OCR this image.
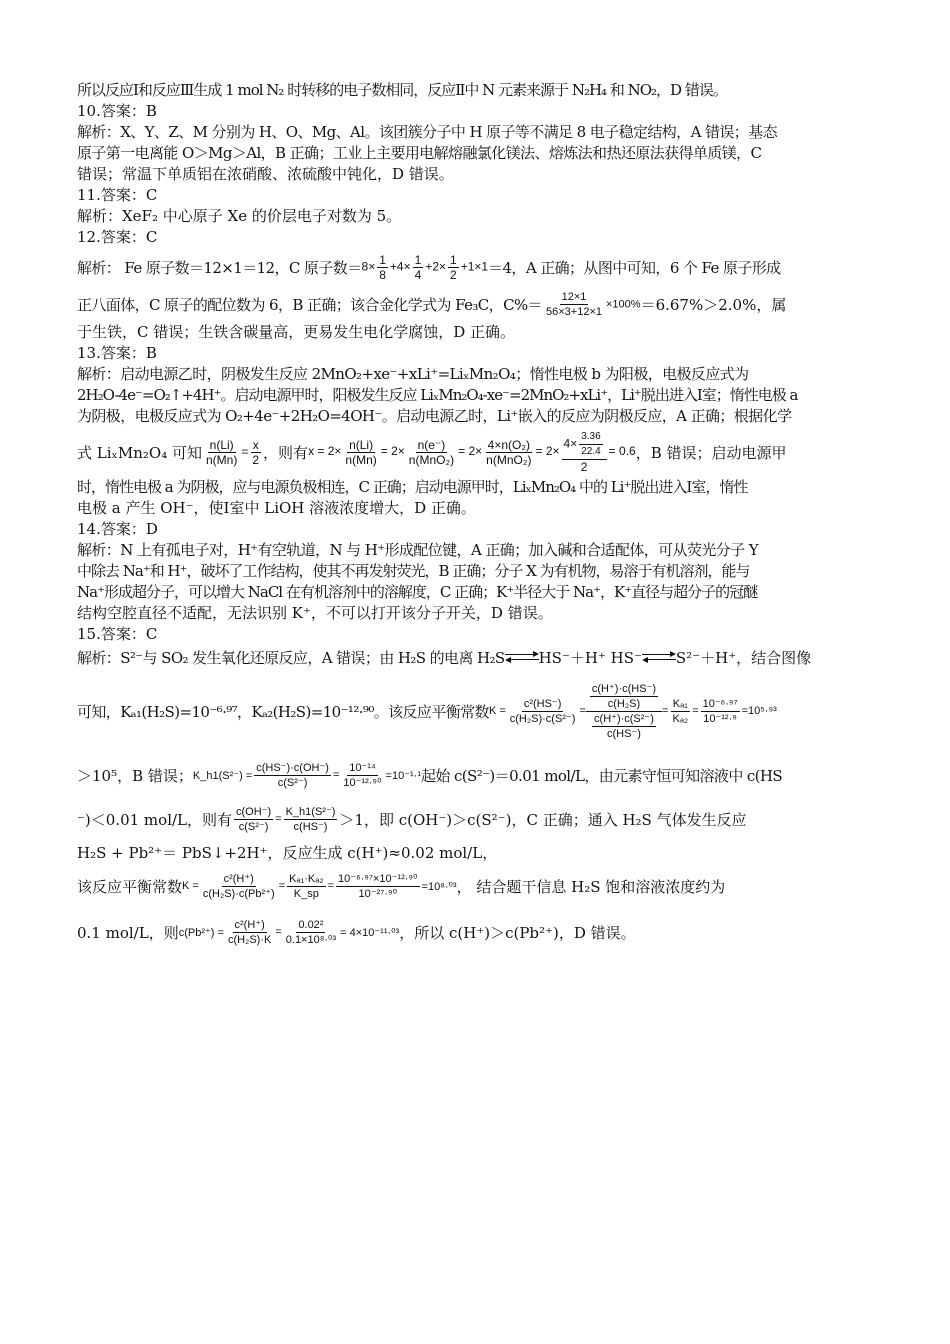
所以反应Ⅰ和反应Ⅲ生成 1 mol N₂ 时转移的电子数相同，反应Ⅱ中 N 元素来源于 N₂H₄ 和 NO₂，D 错误。
10.答案：B
解析：X、Y、Z、M 分别为 H、O、Mg、Al。该团簇分子中 H 原子等不满足 8 电子稳定结构，A 错误；基态
原子第一电离能 O＞Mg＞Al，B 正确；工业上主要用电解熔融氯化镁法、熔炼法和热还原法获得单质镁，C
错误；常温下单质铝在浓硝酸、浓硫酸中钝化，D 错误。
11.答案：C
解析：XeF₂ 中心原子 Xe 的价层电子对数为 5。
12.答案：C
解析： Fe 原子数＝12×1＝12，C 原子数＝ $8\times \frac{1}{8} +4\times \frac{1}{4} +2\times \frac{1}{2} +1\times 1 =4$，A 正确；从图中可知，6 个 Fe 原子形成
正八面体，C 原子的配位数为 6，B 正确；该合金化学式为 Fe₃C，$C\%= \frac{12\times 1}{56\times 3+12\times 1} \times 100\% =6.67\%>2.0\%$，属
于生铁，C 错误；生铁含碳量高，更易发生电化学腐蚀，D 正确。
13.答案：B
解析：启动电源乙时，阴极发生反应 2MnO₂+xe⁻+xLi⁺=LiₓMn₂O₄；惰性电极 b 为阳极，电极反应式为
2H₂O-4e⁻=O₂↑+4H⁺。启动电源甲时，阳极发生反应 LiₓMn₂O₄-xe⁻=2MnO₂+xLi⁺，Li⁺脱出进入Ⅰ室；惰性电极 a
为阴极，电极反应式为 O₂+4e⁻+2H₂O=4OH⁻。启动电源乙时，Li⁺嵌入的反应为阴极反应，A 正确；根据化学
式 LiₓMn₂O₄ 可知 $\frac{n(Li)}{n(Mn)} = \frac{x}{2}$ ，则有 $x = 2\times \frac{n(Li)}{n(Mn)} = 2\times \frac{n(e^-)}{\text{n(MnO₂)}} = 2\times \frac{\text{4×n(O₂)}}{\text{n(MnO₂)}} = 2\times \frac{4\times \frac{3.36}{22.4}}{2} = 0.6$ ，B 错误；启动电源甲
时，惰性电极 a 为阴极，应与电源负极相连，C 正确；启动电源甲时，LiₓMn₂O₄ 中的 Li⁺脱出进入Ⅰ室，惰性
电极 a 产生 OH⁻，使Ⅰ室中 LiOH 溶液浓度增大，D 正确。
14.答案：D
解析：N 上有孤电子对，H⁺有空轨道，N 与 H⁺形成配位键，A 正确；加入碱和合适配体，可从荧光分子 Y
中除去 Na⁺和 H⁺，破坏了工作结构，使其不再发射荧光，B 正确；分子 X 为有机物，易溶于有机溶剂，能与
Na⁺形成超分子，可以增大 NaCl 在有机溶剂中的溶解度，C 正确；K⁺半径大于 Na⁺，K⁺直径与超分子的冠醚
结构空腔直径不适配，无法识别 K⁺，不可以打开该分子开关，D 错误。
15.答案：C
解析：S²⁻与 SO₂ 发生氧化还原反应，A 错误；由 H₂S 的电离 H₂S HS⁻＋H⁺ HS⁻ S²⁻＋H⁺，结合图像
可知，Kₐ₁(H₂S)=10⁻⁶·⁹⁷，Kₐ₂(H₂S)=10⁻¹²·⁹⁰。该反应平衡常数 $K = \frac{\text{c²(HS⁻)}}{\text{c(H₂S)·c(S²⁻)}} = \frac{\frac{c(H^+)\cdot c(HS^-)}{\text{c(H₂S)}}}{\frac{\text{c(H⁺)·c(S²⁻)}}{c(HS^-)}} = \frac{\text{Kₐ₁}}{\text{Kₐ₂}} = \frac{\text{10⁻⁶·⁹⁷}}{\text{10⁻¹²·⁹}} =10^5\cdot^{93}$
＞10⁵，B 错误； K_h1(S²⁻) = $\frac{c(HS^-)\cdot c(OH^-)}{\text{c(S²⁻)}} = \frac{\text{10⁻¹⁴}}{\text{10⁻¹²·⁹⁰}} =10^{-1}\cdot^1$ 起始 c(S²⁻)＝0.01 mol/L，由元素守恒可知溶液中 c(HS
⁻)＜0.01 mol/L，则有 $\frac{c(OH^-)}{\text{c(S²⁻)}} = \frac{\text{K\_h1(S²⁻)}}{c(HS^-)} >1$，即 c(OH⁻)＞c(S²⁻)，C 正确；通入 H₂S 气体发生反应
H₂S + Pb²⁺＝ PbS↓+2H⁺，反应生成 c(H⁺)≈0.02 mol/L，
该反应平衡常数 $K = \frac{\text{c²(H⁺)}}{\text{c(H₂S)·c(Pb²⁺)}} = \frac{\text{Kₐ₁·Kₐ₂}}{K\_sp} = \frac{\text{10⁻⁶·⁹⁷×10⁻¹²·⁹⁰}}{\text{10⁻²⁷·⁹⁰}} =10^8\cdot^{03}$ ， 结合题干信息 H₂S 饱和溶液浓度约为
0.1 mol/L，则 $c(Pb^{2+}) = \frac{\text{c²(H⁺)}}{\text{c(H₂S)·K}} = \frac{\text{0.02²}}{\text{0.1×10⁸·⁰³}} = 4\times 10^{-11}\cdot^{03}$ ，所以 c(H⁺)＞c(Pb²⁺)，D 错误。
